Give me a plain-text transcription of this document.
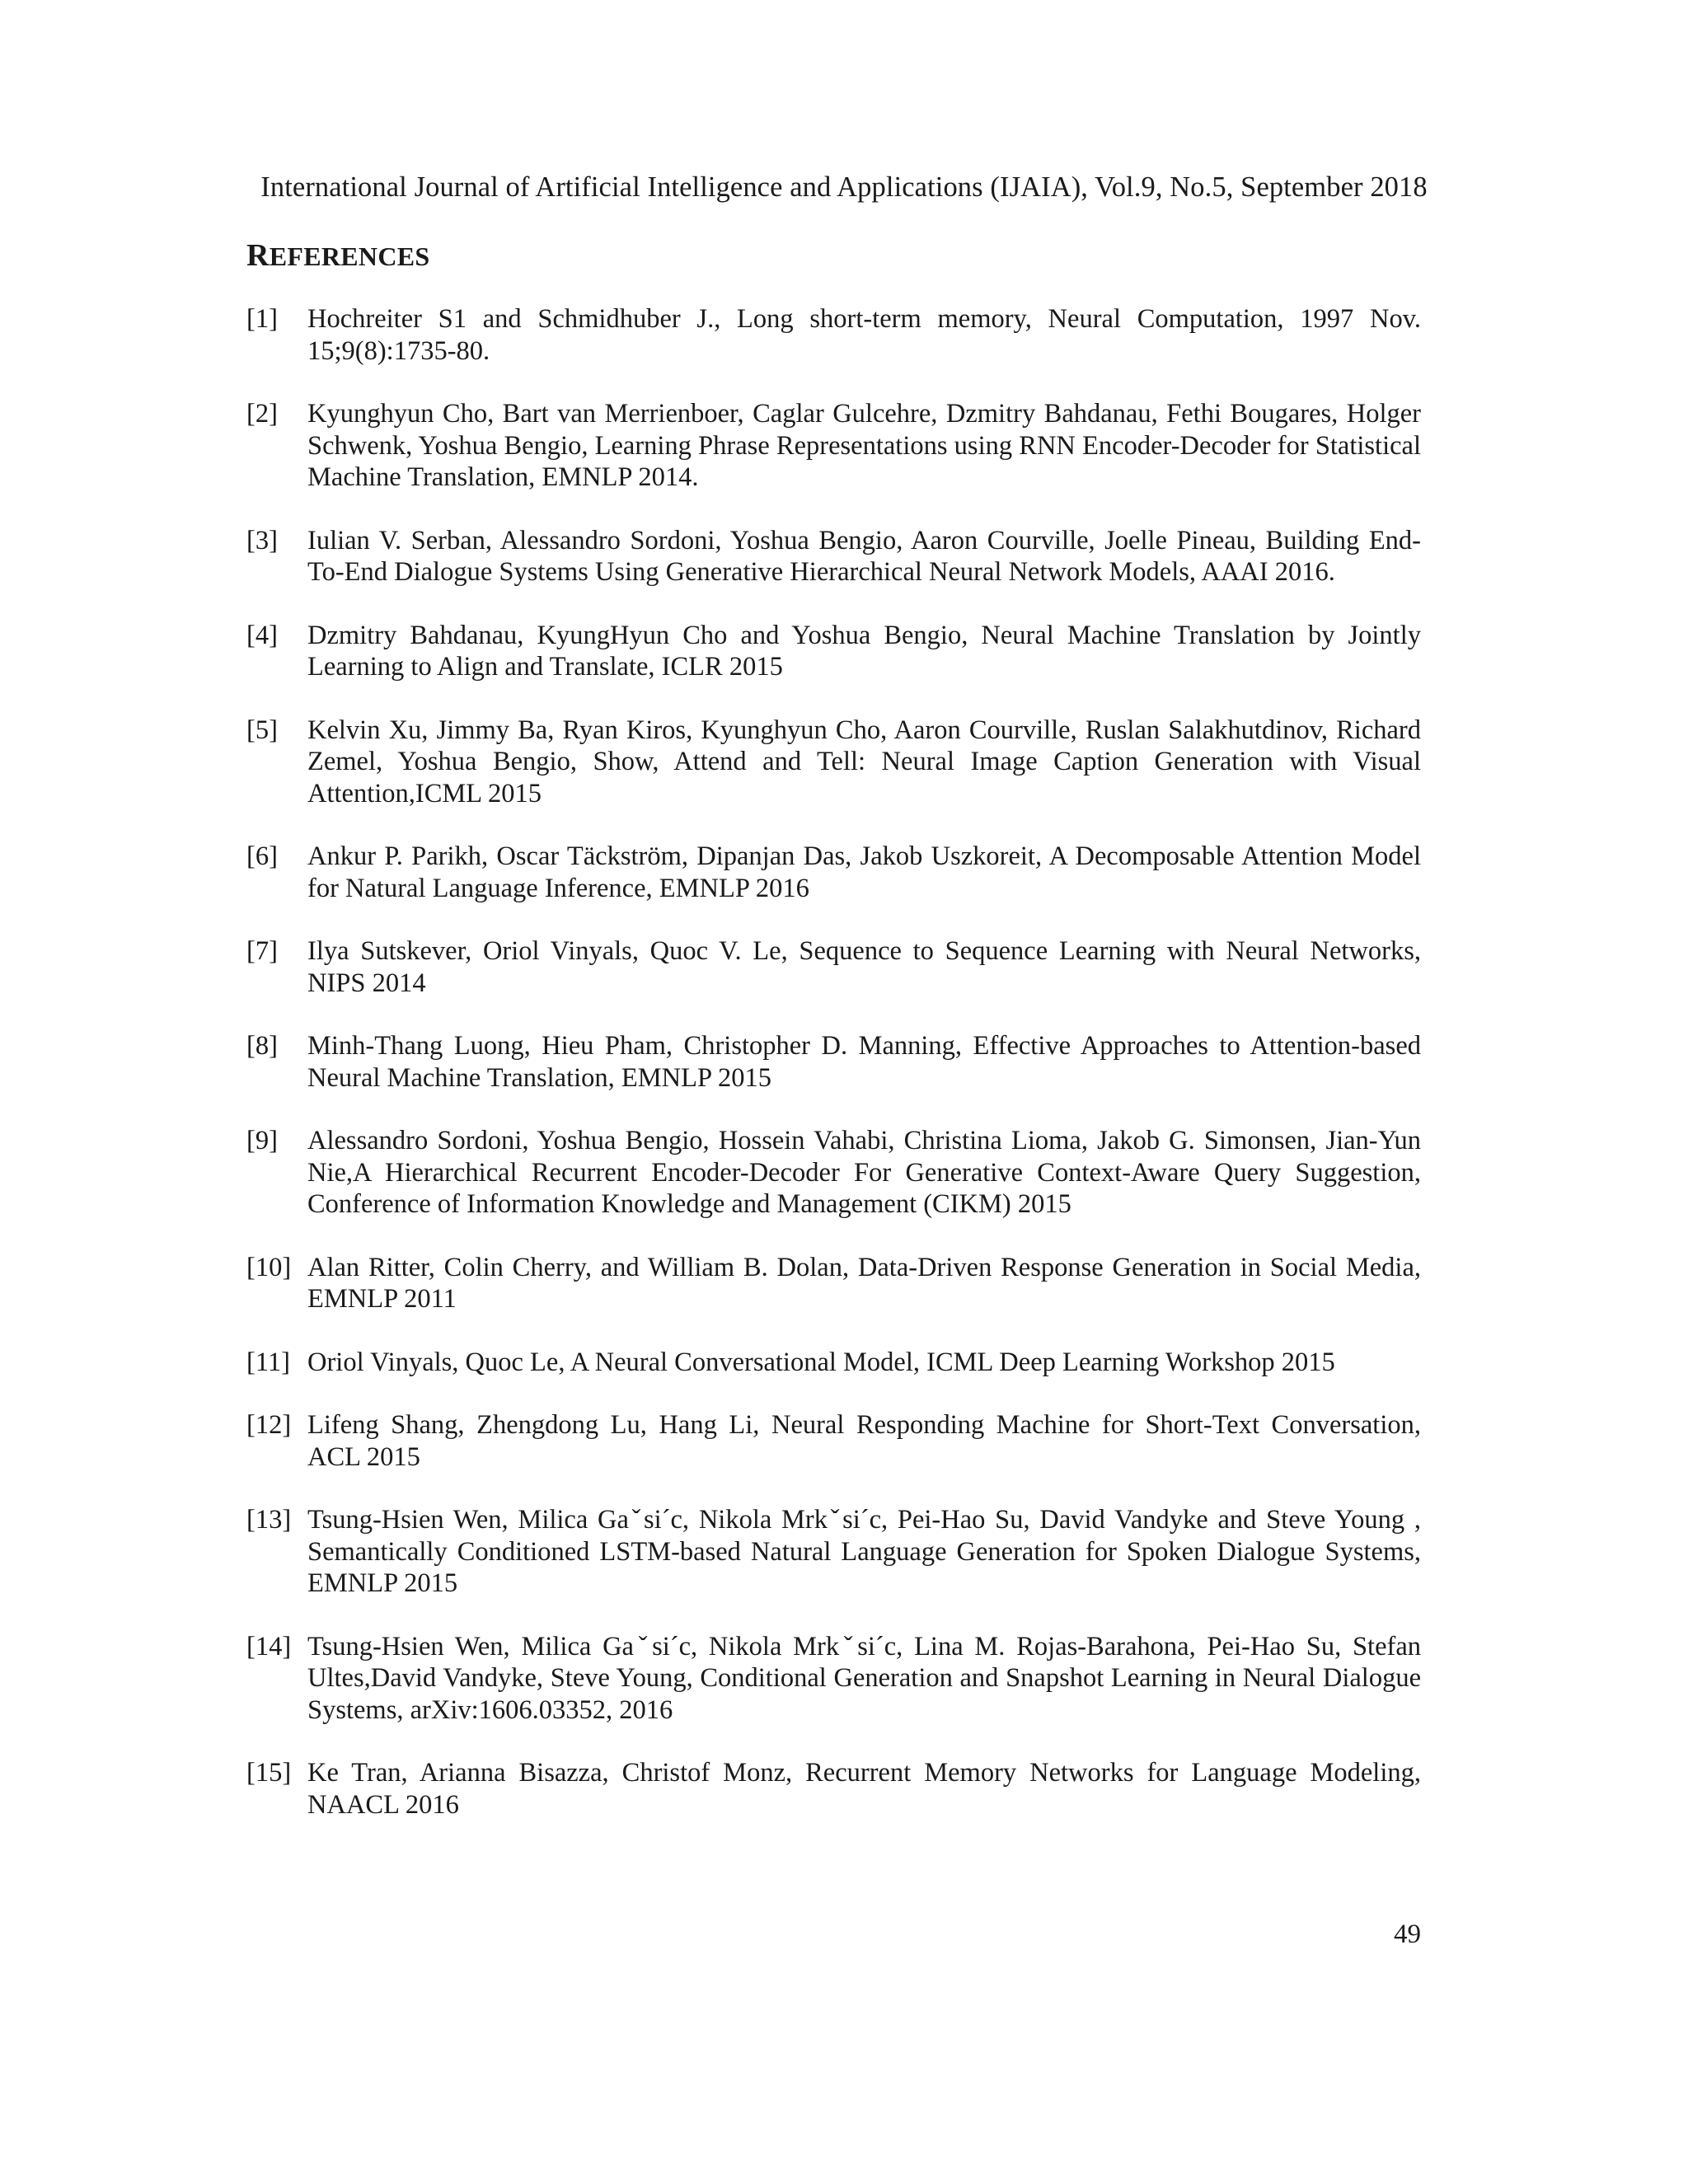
International Journal of Artificial Intelligence and Applications (IJAIA), Vol.9, No.5, September 2018
REFERENCES
[1] Hochreiter S1 and Schmidhuber J., Long short-term memory, Neural Computation, 1997 Nov. 15;9(8):1735-80.
[2] Kyunghyun Cho, Bart van Merrienboer, Caglar Gulcehre, Dzmitry Bahdanau, Fethi Bougares, Holger Schwenk, Yoshua Bengio, Learning Phrase Representations using RNN Encoder-Decoder for Statistical Machine Translation, EMNLP 2014.
[3] Iulian V. Serban, Alessandro Sordoni, Yoshua Bengio, Aaron Courville, Joelle Pineau, Building End-To-End Dialogue Systems Using Generative Hierarchical Neural Network Models, AAAI 2016.
[4] Dzmitry Bahdanau, KyungHyun Cho and Yoshua Bengio, Neural Machine Translation by Jointly Learning to Align and Translate, ICLR 2015
[5] Kelvin Xu, Jimmy Ba, Ryan Kiros, Kyunghyun Cho, Aaron Courville, Ruslan Salakhutdinov, Richard Zemel, Yoshua Bengio, Show, Attend and Tell: Neural Image Caption Generation with Visual Attention,ICML 2015
[6] Ankur P. Parikh, Oscar Täckström, Dipanjan Das, Jakob Uszkoreit, A Decomposable Attention Model for Natural Language Inference, EMNLP 2016
[7] Ilya Sutskever, Oriol Vinyals, Quoc V. Le, Sequence to Sequence Learning with Neural Networks, NIPS 2014
[8] Minh-Thang Luong, Hieu Pham, Christopher D. Manning, Effective Approaches to Attention-based Neural Machine Translation, EMNLP 2015
[9] Alessandro Sordoni, Yoshua Bengio, Hossein Vahabi, Christina Lioma, Jakob G. Simonsen, Jian-Yun Nie,A Hierarchical Recurrent Encoder-Decoder For Generative Context-Aware Query Suggestion, Conference of Information Knowledge and Management (CIKM) 2015
[10] Alan Ritter, Colin Cherry, and William B. Dolan, Data-Driven Response Generation in Social Media, EMNLP 2011
[11] Oriol Vinyals, Quoc Le, A Neural Conversational Model, ICML Deep Learning Workshop 2015
[12] Lifeng Shang, Zhengdong Lu, Hang Li, Neural Responding Machine for Short-Text Conversation, ACL 2015
[13] Tsung-Hsien Wen, Milica Gaˇsi´c, Nikola Mrkˇsi´c, Pei-Hao Su, David Vandyke and Steve Young , Semantically Conditioned LSTM-based Natural Language Generation for Spoken Dialogue Systems, EMNLP 2015
[14] Tsung-Hsien Wen, Milica Gaˇsi´c, Nikola Mrkˇsi´c, Lina M. Rojas-Barahona, Pei-Hao Su, Stefan Ultes,David Vandyke, Steve Young, Conditional Generation and Snapshot Learning in Neural Dialogue Systems, arXiv:1606.03352, 2016
[15] Ke Tran, Arianna Bisazza, Christof Monz, Recurrent Memory Networks for Language Modeling, NAACL 2016
49
